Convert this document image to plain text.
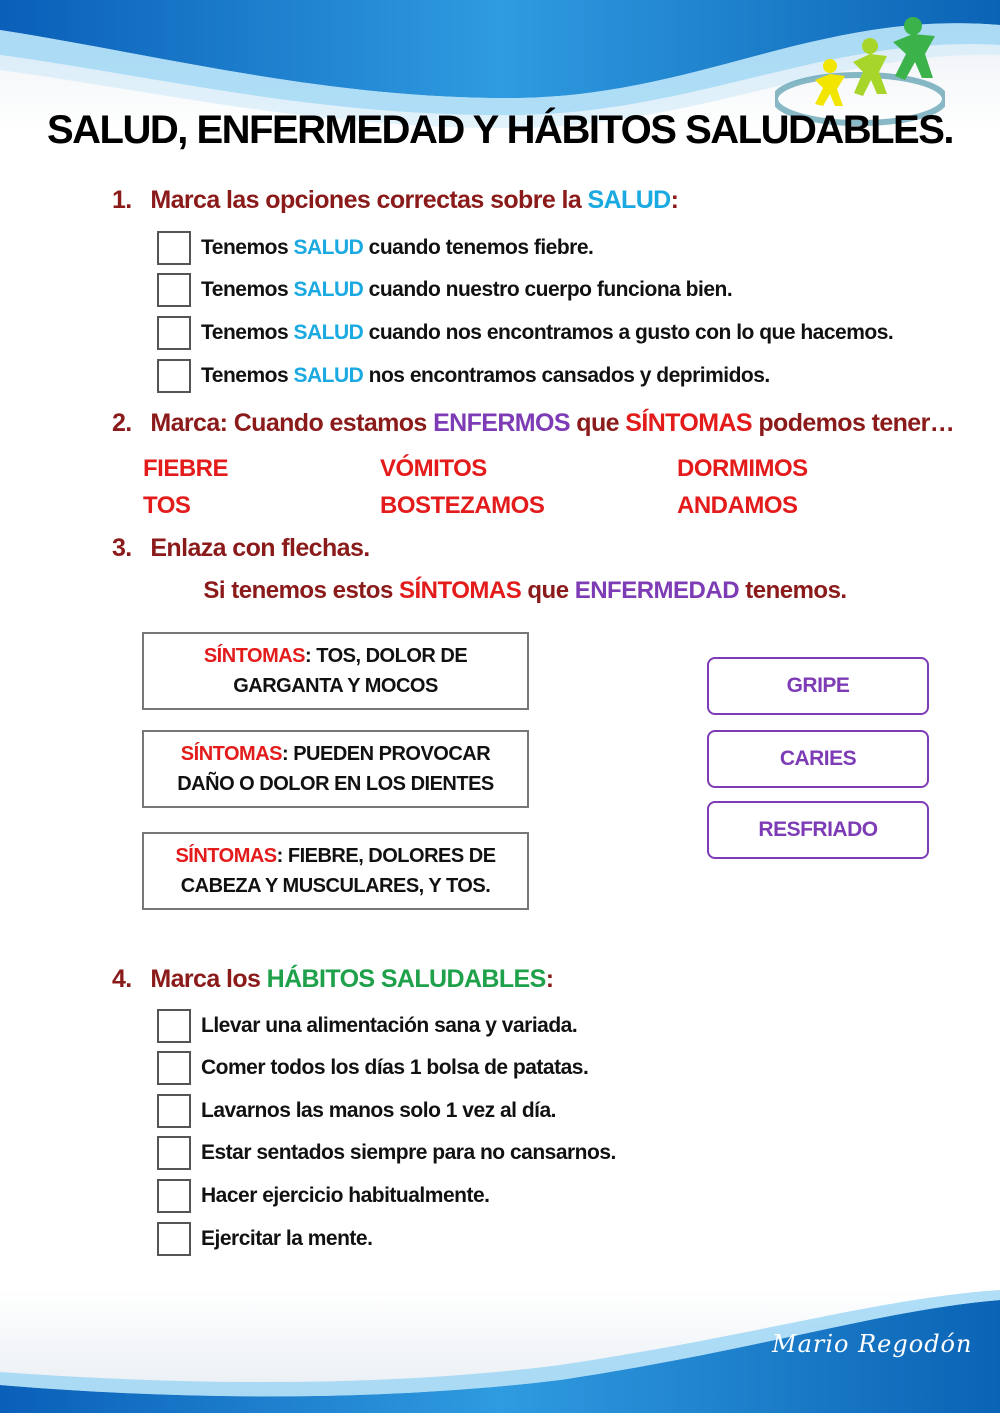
SALUD, ENFERMEDAD Y HÁBITOS SALUDABLES.
1. Marca las opciones correctas sobre la SALUD:
Tenemos SALUD cuando tenemos fiebre.
Tenemos SALUD cuando nuestro cuerpo funciona bien.
Tenemos SALUD cuando nos encontramos a gusto con lo que hacemos.
Tenemos SALUD nos encontramos cansados y deprimidos.
2. Marca: Cuando estamos ENFERMOS que SÍNTOMAS podemos tener…
FIEBRE	VÓMITOS	DORMIMOS
TOS	BOSTEZAMOS	ANDAMOS
3. Enlaza con flechas.
Si tenemos estos SÍNTOMAS que ENFERMEDAD tenemos.
SÍNTOMAS: TOS, DOLOR DE GARGANTA Y MOCOS
SÍNTOMAS: PUEDEN PROVOCAR DAÑO O DOLOR EN LOS DIENTES
SÍNTOMAS: FIEBRE, DOLORES DE CABEZA Y MUSCULARES, Y TOS.
GRIPE
CARIES
RESFRIADO
4. Marca los HÁBITOS SALUDABLES:
Llevar una alimentación sana y variada.
Comer todos los días 1 bolsa de patatas.
Lavarnos las manos solo 1 vez al día.
Estar sentados siempre para no cansarnos.
Hacer ejercicio habitualmente.
Ejercitar la mente.
Mario Regodón
